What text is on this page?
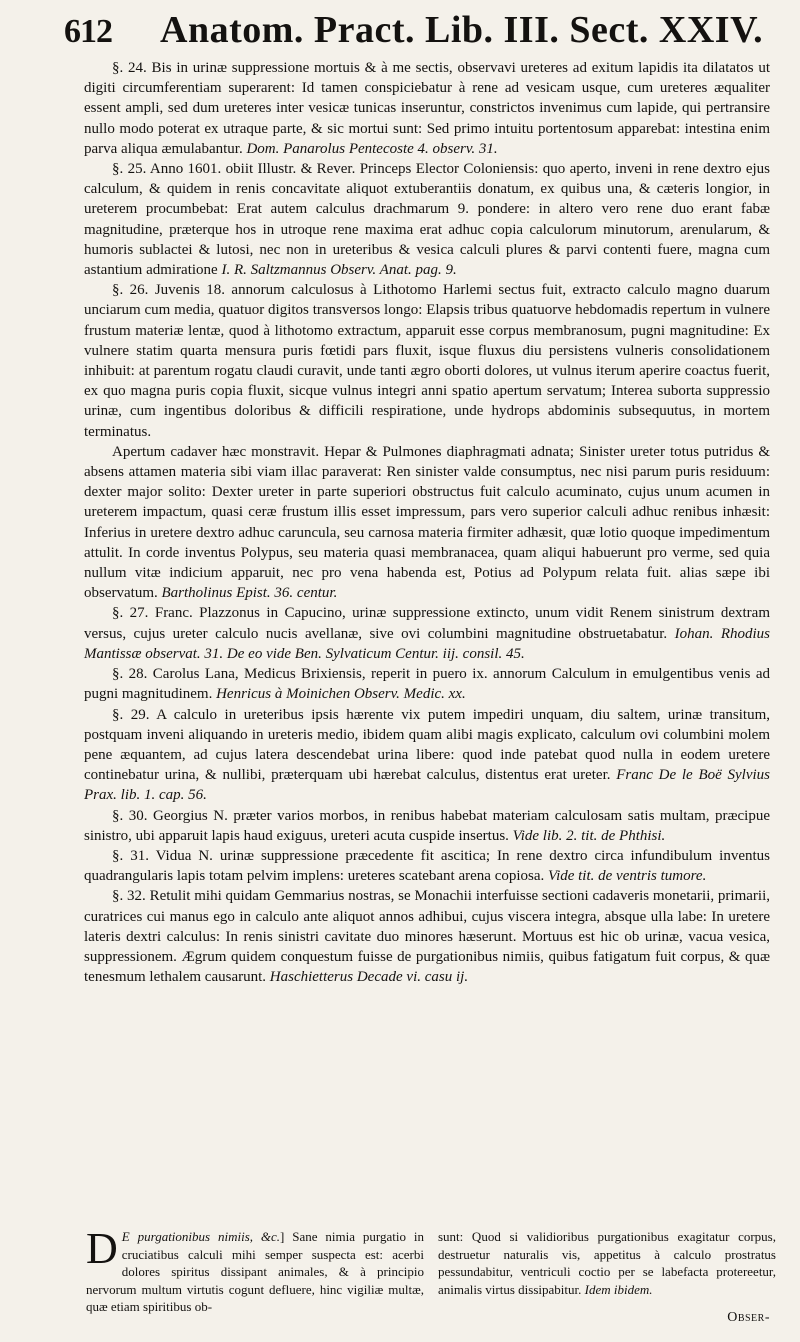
612	Anatom. Pract. Lib. III. Sect. XXIV.

§. 24. Bis in urinæ suppressione mortuis & à me sectis, observavi ureteres ad exitum lapidis ita dilatatos ut digiti circumferentiam superarent: Id tamen conspiciebatur à rene ad vesicam usque, cum ureteres æqualiter essent ampli, sed dum ureteres inter vesicæ tunicas inseruntur, constrictos invenimus cum lapide, qui pertransire nullo modo poterat ex utraque parte, & sic mortui sunt: Sed primo intuitu portentosum apparebat: intestina enim parva aliqua æmulabantur. Dom. Panarolus Pentecoste 4. observ. 31.

§. 25. Anno 1601. obiit Illustr. & Rever. Princeps Elector Coloniensis: quo aperto, inveni in rene dextro ejus calculum, & quidem in renis concavitate aliquot extuberantiis donatum, ex quibus una, & cæteris longior, in ureterem procumbebat: Erat autem calculus drachmarum 9. pondere: in altero vero rene duo erant fabæ magnitudine, præterque hos in utroque rene maxima erat adhuc copia calculorum minutorum, arenularum, & humoris sublactei & lutosi, nec non in ureteribus & vesica calculi plures & parvi contenti fuere, magna cum astantium admiratione I. R. Saltzmannus Observ. Anat. pag. 9.

§. 26. Juvenis 18. annorum calculosus à Lithotomo Harlemi sectus fuit, extracto calculo magno duarum unciarum cum media, quatuor digitos transversos longo: Elapsis tribus quatuorve hebdomadis repertum in vulnere frustum materiæ lentæ, quod à lithotomo extractum, apparuit esse corpus membranosum, pugni magnitudine: Ex vulnere statim quarta mensura puris fœtidi pars fluxit, isque fluxus diu persistens vulneris consolidationem inhibuit: at parentum rogatu claudi curavit, unde tanti ægro oborti dolores, ut vulnus iterum aperire coactus fuerit, ex quo magna puris copia fluxit, sicque vulnus integri anni spatio apertum servatum; Interea suborta suppressio urinæ, cum ingentibus doloribus & difficili respiratione, unde hydrops abdominis subsequutus, in mortem terminatus.

Apertum cadaver hæc monstravit. Hepar & Pulmones diaphragmati adnata; Sinister ureter totus putridus & absens attamen materia sibi viam illac paraverat: Ren sinister valde consumptus, nec nisi parum puris residuum: dexter major solito: Dexter ureter in parte superiori obstructus fuit calculo acuminato, cujus unum acumen in ureterem impactum, quasi ceræ frustum illis esset impressum, pars vero superior calculi adhuc renibus inhæsit: Inferius in uretere dextro adhuc caruncula, seu carnosa materia firmiter adhæsit, quæ lotio quoque impedimentum attulit. In corde inventus Polypus, seu materia quasi membranacea, quam aliqui habuerunt pro verme, sed quia nullum vitæ indicium apparuit, nec pro vena habenda est, Potius ad Polypum relata fuit. alias sæpe ibi observatum. Bartholinus Epist. 36. centur.

§. 27. Franc. Plazzonus in Capucino, urinæ suppressione extincto, unum vidit Renem sinistrum dextram versus, cujus ureter calculo nucis avellanæ, sive ovi columbini magnitudine obstruetabatur. Iohan. Rhodius Mantissæ observat. 31. De eo vide Ben. Sylvaticum Centur. iij. consil. 45.

§. 28. Carolus Lana, Medicus Brixiensis, reperit in puero ix. annorum Calculum in emulgentibus venis ad pugni magnitudinem. Henricus à Moinichen Observ. Medic. xx.

§. 29. A calculo in ureteribus ipsis hærente vix putem impediri unquam, diu saltem, urinæ transitum, postquam inveni aliquando in ureteris medio, ibidem quam alibi magis explicato, calculum ovi columbini molem pene æquantem, ad cujus latera descendebat urina libere: quod inde patebat quod nulla in eodem uretere continebatur urina, & nullibi, præterquam ubi hærebat calculus, distentus erat ureter. Franc De le Boë Sylvius Prax. lib. 1. cap. 56.

§. 30. Georgius N. præter varios morbos, in renibus habebat materiam calculosam satis multam, præcipue sinistro, ubi apparuit lapis haud exiguus, ureteri acuta cuspide insertus. Vide lib. 2. tit. de Phthisi.

§. 31. Vidua N. urinæ suppressione præcedente fit ascitica; In rene dextro circa infundibulum inventus quadrangularis lapis totam pelvim implens: ureteres scatebant arena copiosa. Vide tit. de ventris tumore.

§. 32. Retulit mihi quidam Gemmarius nostras, se Monachii interfuisse sectioni cadaveris monetarii, primarii, curatrices cui manus ego in calculo ante aliquot annos adhibui, cujus viscera integra, absque ulla labe: In uretere lateris dextri calculus: In renis sinistri cavitate duo minores hæserunt. Mortuus est hic ob urinæ, vacua vesica, suppressionem. Ægrum quidem conquestum fuisse de purgationibus nimiis, quibus fatigatum fuit corpus, & quæ tenesmum lethalem causarunt. Haschietterus Decade vi. casu ij.

D E purgationibus nimiis, &c.] Sane nimia purgatio in cruciatibus calculi mihi semper suspecta est: acerbi dolores spiritus dissipant animales, & à principio nervorum multum virtutis cogunt defluere, hinc vigiliæ multæ, quæ etiam spiritibus ob-
sunt: Quod si validioribus purgationibus exagitatur corpus, destruetur naturalis vis, appetitus à calculo prostratus pessundabitur, ventriculi coctio per se labefacta protereetur, animalis virtus dissipabitur. Idem ibidem.
Obser-
